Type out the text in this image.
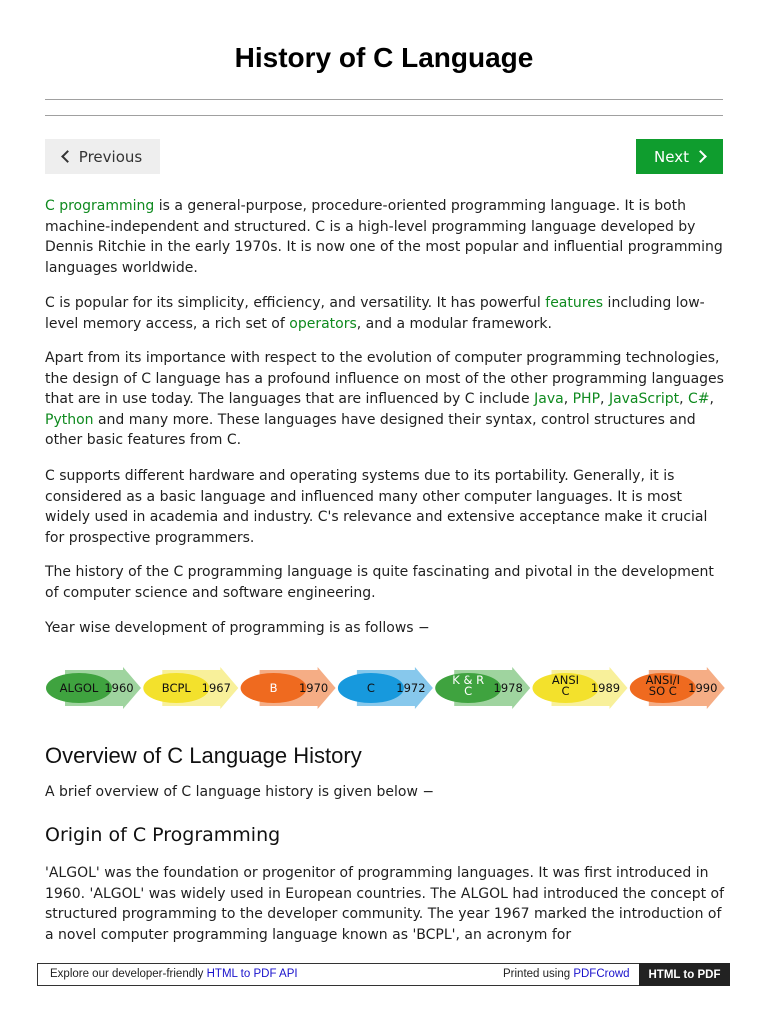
History of C Language
Previous	Next

C programming is a general-purpose, procedure-oriented programming language. It is both machine-independent and structured. C is a high-level programming language developed by Dennis Ritchie in the early 1970s. It is now one of the most popular and influential programming languages worldwide.

C is popular for its simplicity, efficiency, and versatility. It has powerful features including low-level memory access, a rich set of operators, and a modular framework.

Apart from its importance with respect to the evolution of computer programming technologies, the design of C language has a profound influence on most of the other programming languages that are in use today. The languages that are influenced by C include Java, PHP, JavaScript, C#, Python and many more. These languages have designed their syntax, control structures and other basic features from C.

C supports different hardware and operating systems due to its portability. Generally, it is considered as a basic language and influenced many other computer languages. It is most widely used in academia and industry. C's relevance and extensive acceptance make it crucial for prospective programmers.

The history of the C programming language is quite fascinating and pivotal in the development of computer science and software engineering.

Year wise development of programming is as follows −

ALGOL 1960 BCPL 1967	B 1970	C 1972
K & R C	1978
ANSI C	1989
ANSI/I SO C 1990
Overview of C Language History

A brief overview of C language history is given below −

Origin of C Programming

'ALGOL' was the foundation or progenitor of programming languages. It was first introduced in 1960. 'ALGOL' was widely used in European countries. The ALGOL had introduced the concept of structured programming to the developer community. The year 1967 marked the introduction of a novel computer programming language known as 'BCPL', an acronym for

Explore our developer-friendly HTML to PDF API	Printed using PDFCrowd	HTML to PDF
